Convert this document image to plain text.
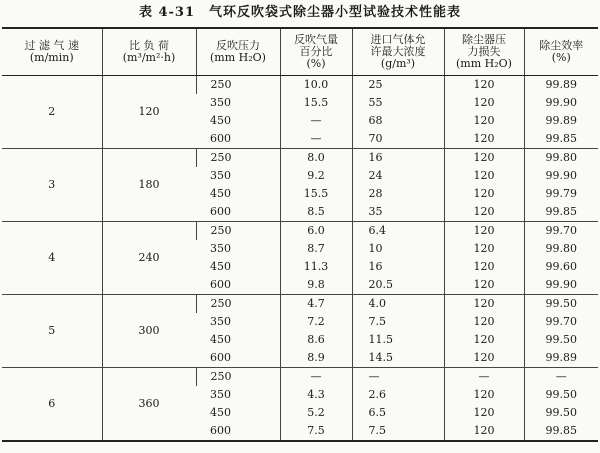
表 4-31　气环反吹袋式除尘器小型试验技术性能表
过 滤 气 速
(m/min)	比 负 荷
(m³/m²·h)	反吹压力
(mm H₂O)	反吹气量
百分比
(%)	进口气体允
许最大浓度
(g/m³)	除尘器压
力损失
(mm H₂O)	除尘效率
(%)

2	120	250	10.0	25	120	99.89
		350	15.5	55	120	99.90
		450	—	68	120	99.89
		600	—	70	120	99.85
3	180	250	8.0	16	120	99.80
		350	9.2	24	120	99.90
		450	15.5	28	120	99.79
		600	8.5	35	120	99.85
4	240	250	6.0	6.4	120	99.70
		350	8.7	10	120	99.80
		450	11.3	16	120	99.60
		600	9.8	20.5	120	99.90
5	300	250	4.7	4.0	120	99.50
		350	7.2	7.5	120	99.70
		450	8.6	11.5	120	99.50
		600	8.9	14.5	120	99.89
6	360	250	—	—	—	—
		350	4.3	2.6	120	99.50
		450	5.2	6.5	120	99.50
		600	7.5	7.5	120	99.85
